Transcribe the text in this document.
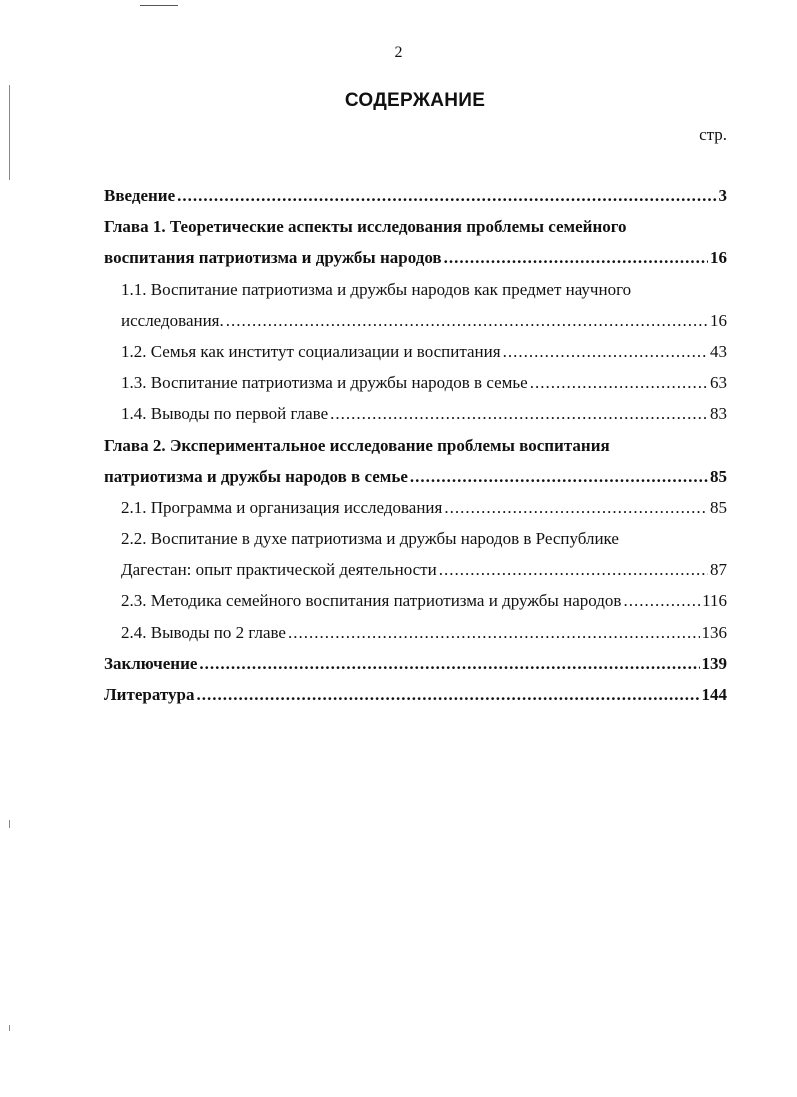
2
СОДЕРЖАНИЕ
стр.
Введение .....	3
Глава 1. Теоретические аспекты исследования проблемы семейного
воспитания патриотизма и дружбы народов .....	16
1.1. Воспитание патриотизма и дружбы народов как предмет научного
исследования. .....	16
1.2. Семья как институт социализации и воспитания .....	43
1.3. Воспитание патриотизма и дружбы народов в семье .....	63
1.4. Выводы по первой главе .....	83
Глава 2. Экспериментальное исследование проблемы воспитания
патриотизма и дружбы народов в семье .....	85
2.1. Программа и организация исследования .....	85
2.2. Воспитание в духе патриотизма и дружбы народов в Республике
Дагестан: опыт практической деятельности .....	87
2.3. Методика семейного воспитания патриотизма и дружбы народов .....	116
2.4. Выводы по 2 главе .....	136
Заключение .....	139
Литература .....	144
